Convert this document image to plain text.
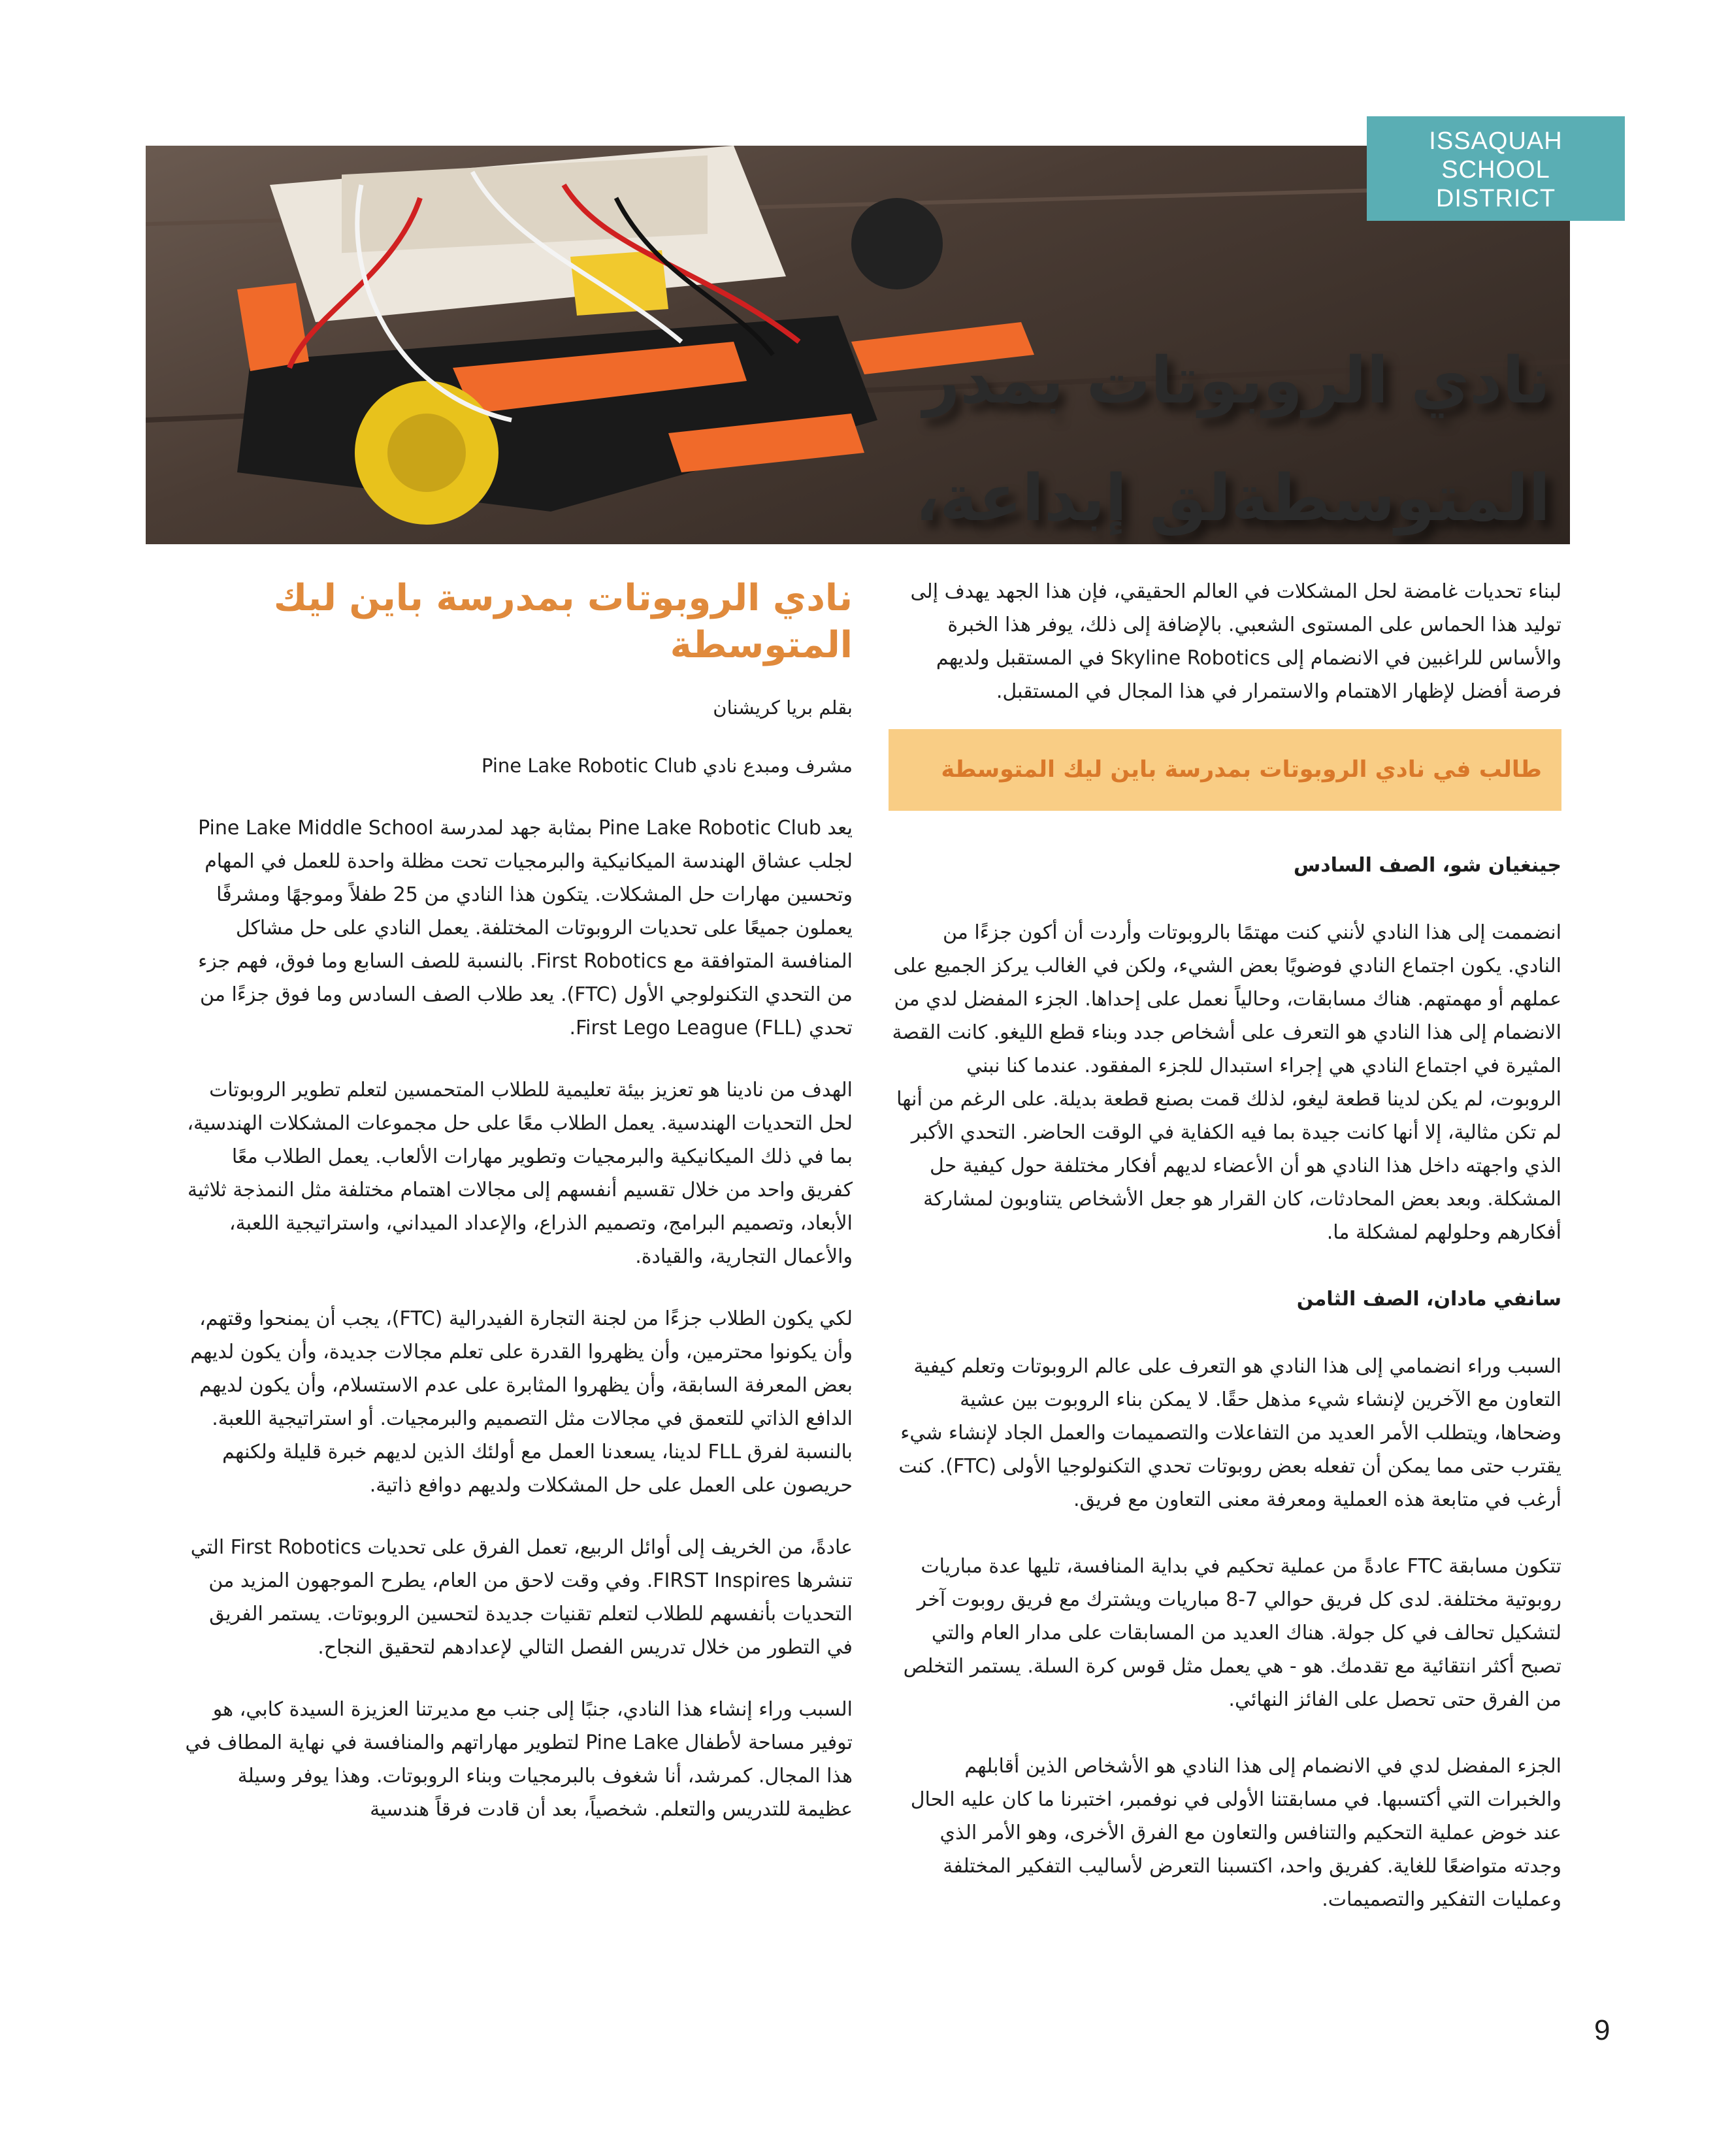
نادي الروبوتات بمدر
المتوسطةلق إبداعة،
ISSAQUAH
SCHOOL
DISTRICT
نادي الروبوتات بمدرسة باين ليك المتوسطة

بقلم بريا كريشنان

مشرف ومبدع نادي Pine Lake Robotic Club

يعد Pine Lake Robotic Club بمثابة جهد لمدرسة Pine Lake Middle School لجلب عشاق الهندسة الميكانيكية والبرمجيات تحت مظلة واحدة للعمل في المهام وتحسين مهارات حل المشكلات. يتكون هذا النادي من 25 طفلاً وموجهًا ومشرفًا يعملون جميعًا على تحديات الروبوتات المختلفة. يعمل النادي على حل مشاكل المنافسة المتوافقة مع First Robotics. بالنسبة للصف السابع وما فوق، فهم جزء من التحدي التكنولوجي الأول (FTC). يعد طلاب الصف السادس وما فوق جزءًا من تحدي First Lego League (FLL).

الهدف من نادينا هو تعزيز بيئة تعليمية للطلاب المتحمسين لتعلم تطوير الروبوتات لحل التحديات الهندسية. يعمل الطلاب معًا على حل مجموعات المشكلات الهندسية، بما في ذلك الميكانيكية والبرمجيات وتطوير مهارات الألعاب. يعمل الطلاب معًا كفريق واحد من خلال تقسيم أنفسهم إلى مجالات اهتمام مختلفة مثل النمذجة ثلاثية الأبعاد، وتصميم البرامج، وتصميم الذراع، والإعداد الميداني، واستراتيجية اللعبة، والأعمال التجارية، والقيادة.

لكي يكون الطلاب جزءًا من لجنة التجارة الفيدرالية (FTC)، يجب أن يمنحوا وقتهم، وأن يكونوا محترمين، وأن يظهروا القدرة على تعلم مجالات جديدة، وأن يكون لديهم بعض المعرفة السابقة، وأن يظهروا المثابرة على عدم الاستسلام، وأن يكون لديهم الدافع الذاتي للتعمق في مجالات مثل التصميم والبرمجيات. أو استراتيجية اللعبة. بالنسبة لفرق FLL لدينا، يسعدنا العمل مع أولئك الذين لديهم خبرة قليلة ولكنهم حريصون على العمل على حل المشكلات ولديهم دوافع ذاتية.

عادةً، من الخريف إلى أوائل الربيع، تعمل الفرق على تحديات First Robotics التي تنشرها FIRST Inspires. وفي وقت لاحق من العام، يطرح الموجهون المزيد من التحديات بأنفسهم للطلاب لتعلم تقنيات جديدة لتحسين الروبوتات. يستمر الفريق في التطور من خلال تدريس الفصل التالي لإعدادهم لتحقيق النجاح.

السبب وراء إنشاء هذا النادي، جنبًا إلى جنب مع مديرتنا العزيزة السيدة كابي، هو توفير مساحة لأطفال Pine Lake لتطوير مهاراتهم والمنافسة في نهاية المطاف في هذا المجال. كمرشد، أنا شغوف بالبرمجيات وبناء الروبوتات. وهذا يوفر وسيلة عظيمة للتدريس والتعلم. شخصياً، بعد أن قادت فرقاً هندسية

لبناء تحديات غامضة لحل المشكلات في العالم الحقيقي، فإن هذا الجهد يهدف إلى توليد هذا الحماس على المستوى الشعبي. بالإضافة إلى ذلك، يوفر هذا الخبرة والأساس للراغبين في الانضمام إلى Skyline Robotics في المستقبل ولديهم فرصة أفضل لإظهار الاهتمام والاستمرار في هذا المجال في المستقبل.

طالب في نادي الروبوتات بمدرسة باين ليك المتوسطة

جينغيان شو، الصف السادس

انضممت إلى هذا النادي لأنني كنت مهتمًا بالروبوتات وأردت أن أكون جزءًا من النادي. يكون اجتماع النادي فوضويًا بعض الشيء، ولكن في الغالب يركز الجميع على عملهم أو مهمتهم. هناك مسابقات، وحالياً نعمل على إحداها. الجزء المفضل لدي من الانضمام إلى هذا النادي هو التعرف على أشخاص جدد وبناء قطع الليغو. كانت القصة المثيرة في اجتماع النادي هي إجراء استبدال للجزء المفقود. عندما كنا نبني الروبوت، لم يكن لدينا قطعة ليغو، لذلك قمت بصنع قطعة بديلة. على الرغم من أنها لم تكن مثالية، إلا أنها كانت جيدة بما فيه الكفاية في الوقت الحاضر. التحدي الأكبر الذي واجهته داخل هذا النادي هو أن الأعضاء لديهم أفكار مختلفة حول كيفية حل المشكلة. وبعد بعض المحادثات، كان القرار هو جعل الأشخاص يتناوبون لمشاركة أفكارهم وحلولهم لمشكلة ما.

سانفي مادان، الصف الثامن

السبب وراء انضمامي إلى هذا النادي هو التعرف على عالم الروبوتات وتعلم كيفية التعاون مع الآخرين لإنشاء شيء مذهل حقًا. لا يمكن بناء الروبوت بين عشية وضحاها، ويتطلب الأمر العديد من التفاعلات والتصميمات والعمل الجاد لإنشاء شيء يقترب حتى مما يمكن أن تفعله بعض روبوتات تحدي التكنولوجيا الأولى (FTC). كنت أرغب في متابعة هذه العملية ومعرفة معنى التعاون مع فريق.

تتكون مسابقة FTC عادةً من عملية تحكيم في بداية المنافسة، تليها عدة مباريات روبوتية مختلفة. لدى كل فريق حوالي 7-8 مباريات ويشترك مع فريق روبوت آخر لتشكيل تحالف في كل جولة. هناك العديد من المسابقات على مدار العام والتي تصبح أكثر انتقائية مع تقدمك. هو - هي يعمل مثل قوس كرة السلة. يستمر التخلص من الفرق حتى تحصل على الفائز النهائي.

الجزء المفضل لدي في الانضمام إلى هذا النادي هو الأشخاص الذين أقابلهم والخبرات التي أكتسبها. في مسابقتنا الأولى في نوفمبر، اختبرنا ما كان عليه الحال عند خوض عملية التحكيم والتنافس والتعاون مع الفرق الأخرى، وهو الأمر الذي وجدته متواضعًا للغاية. كفريق واحد، اكتسبنا التعرض لأساليب التفكير المختلفة وعمليات التفكير والتصميمات.

9
